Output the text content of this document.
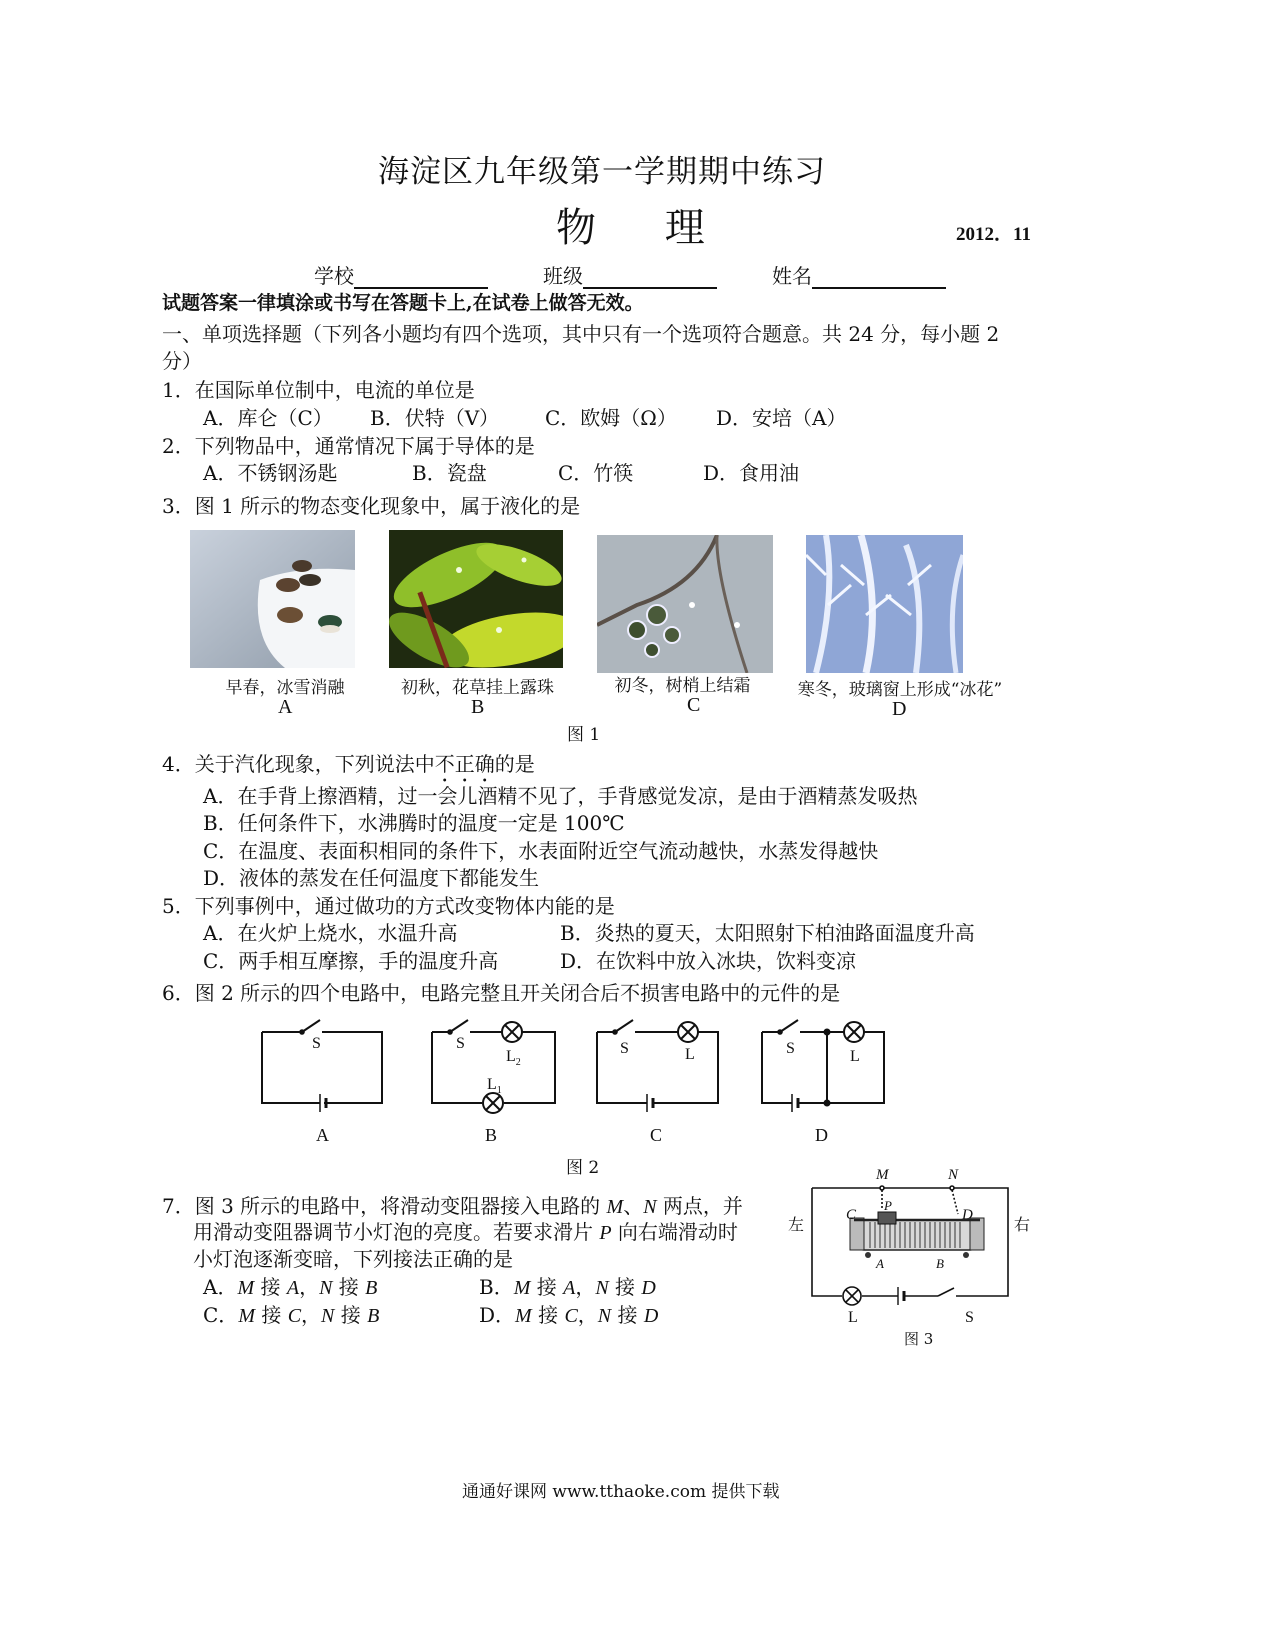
海淀区九年级第一学期期中练习
物 理	2012．11
学校	班级	姓名
试题答案一律填涂或书写在答题卡上,在试卷上做答无效。
一、单项选择题（下列各小题均有四个选项，其中只有一个选项符合题意。共 24 分，每小题 2
分）
1．在国际单位制中，电流的单位是
A．库仑（C） B．伏特（V） C．欧姆（Ω） D．安培（A）
2．下列物品中，通常情况下属于导体的是
A．不锈钢汤匙	B．瓷盘	C．竹筷	D．食用油
3．图 1 所示的物态变化现象中，属于液化的是
早春，冰雪消融	初秋，花草挂上露珠	初冬，树梢上结霜	寒冬，玻璃窗上形成“冰花”
A	B	C	D
图 1
4．关于汽化现象，下列说法中不正确的是
A．在手背上擦酒精，过一会儿酒精不见了，手背感觉发凉，是由于酒精蒸发吸热
B．任何条件下，水沸腾时的温度一定是 100℃
C．在温度、表面积相同的条件下，水表面附近空气流动越快，水蒸发得越快
D．液体的蒸发在任何温度下都能发生
5．下列事例中，通过做功的方式改变物体内能的是
A．在火炉上烧水，水温升高	B．炎热的夏天，太阳照射下柏油路面温度升高
C．两手相互摩擦，手的温度升高	D．在饮料中放入冰块，饮料变凉
6．图 2 所示的四个电路中，电路完整且开关闭合后不损害电路中的元件的是
S	S
$L_2$
$L_1$
S	L	S	L
A	B	C	D
图 2
7．图 3 所示的电路中，将滑动变阻器接入电路的 M、N 两点，并
用滑动变阻器调节小灯泡的亮度。若要求滑片 P 向右端滑动时
小灯泡逐渐变暗，下列接法正确的是
A．M 接 A，N 接 B	B．M 接 A，N 接 D
C．M 接 C，N 接 B	D．M 接 C，N 接 D
M	N
P
C	D
A	B
左	右
L	S
图 3
通通好课网 www.tthaoke.com 提供下载
